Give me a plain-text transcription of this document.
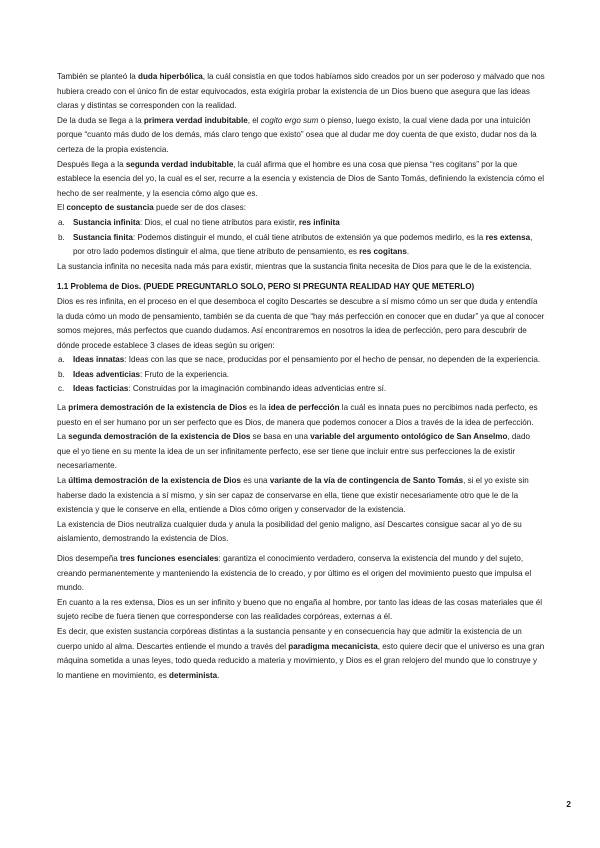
También se planteó la duda hiperbólica, la cuál consistía en que todos habíamos sido creados por un ser poderoso y malvado que nos hubiera creado con el único fin de estar equivocados, esta exigiría probar la existencia de un Dios bueno que asegura que las ideas claras y distintas se corresponden con la realidad.

De la duda se llega a la primera verdad indubitable, el cogito ergo sum o pienso, luego existo, la cual viene dada por una intuición porque “cuanto más dudo de los demás, más claro tengo que existo” osea que al dudar me doy cuenta de que existo, dudar nos da la certeza de la propia existencia.

Después llega a la segunda verdad indubitable, la cuál afirma que el hombre es una cosa que piensa “res cogitans” por la que establece la esencia del yo, la cual es el ser, recurre a la esencia y existencia de Dios de Santo Tomás, definiendo la existencia cómo el hecho de ser realmente, y la esencia cómo algo que es.

El concepto de sustancia puede ser de dos clases:

a. Sustancia infinita: Dios, el cual no tiene atributos para existir, res infinita
b. Sustancia finita: Podemos distinguir el mundo, el cuál tiene atributos de extensión ya que podemos medirlo, es la res extensa, por otro lado podemos distinguir el alma, que tiene atributo de pensamiento, es res cogitans.

La sustancia infinita no necesita nada más para existir, mientras que la sustancia finita necesita de Dios para que le de la existencia.

1.1 Problema de Dios. (PUEDE PREGUNTARLO SOLO, PERO SI PREGUNTA REALIDAD HAY QUE METERLO)

Dios es res infinita, en el proceso en el que desemboca el cogito Descartes se descubre a sí mismo cómo un ser que duda y entendía la duda cómo un modo de pensamiento, también se da cuenta de que “hay más perfección en conocer que en dudar” ya que al conocer somos mejores, más perfectos que cuando dudamos. Así encontraremos en nosotros la idea de perfección, pero para descubrir de dónde procede establece 3 clases de ideas según su origen:

a. Ideas innatas: Ideas con las que se nace, producidas por el pensamiento por el hecho de pensar, no dependen de la experiencia.
b. Ideas adventicias: Fruto de la experiencia.
c. Ideas facticias: Construidas por la imaginación combinando ideas adventicias entre sí.

La primera demostración de la existencia de Dios es la idea de perfección la cuál es innata pues no percibimos nada perfecto, es puesto en el ser humano por un ser perfecto que es Dios, de manera que podemos conocer a Dios a través de la idea de perfección.

La segunda demostración de la existencia de Dios se basa en una variable del argumento ontológico de San Anselmo, dado que el yo tiene en su mente la idea de un ser infinitamente perfecto, ese ser tiene que incluir entre sus perfecciones la de existir necesariamente.

La última demostración de la existencia de Dios es una variante de la vía de contingencia de Santo Tomás, si el yo existe sin haberse dado la existencia a sí mismo, y sin ser capaz de conservarse en ella, tiene que existir necesariamente otro que le de la existencia y que le conserve en ella, entiende a Dios cómo origen y conservador de la existencia.

La existencia de Dios neutraliza cualquier duda y anula la posibilidad del genio maligno, así Descartes consigue sacar al yo de su aislamiento, demostrando la existencia de Dios.

Dios desempeña tres funciones esenciales: garantiza el conocimiento verdadero, conserva la existencia del mundo y del sujeto, creando permanentemente y manteniendo la existencia de lo creado, y por último es el origen del movimiento puesto que impulsa el mundo.

En cuanto a la res extensa, Dios es un ser infinito y bueno que no engaña al hombre, por tanto las ideas de las cosas materiales que él sujeto recibe de fuera tienen que corresponderse con las realidades corpóreas, externas a él.

Es decir, que existen sustancia corpóreas distintas a la sustancia pensante y en consecuencia hay que admitir la existencia de un cuerpo unido al alma. Descartes entiende el mundo a través del paradigma mecanicista, esto quiere decir que el universo es una gran máquina sometida a unas leyes, todo queda reducido a materia y movimiento, y Dios es el gran relojero del mundo que lo construye y lo mantiene en movimiento, es determinista.

2
